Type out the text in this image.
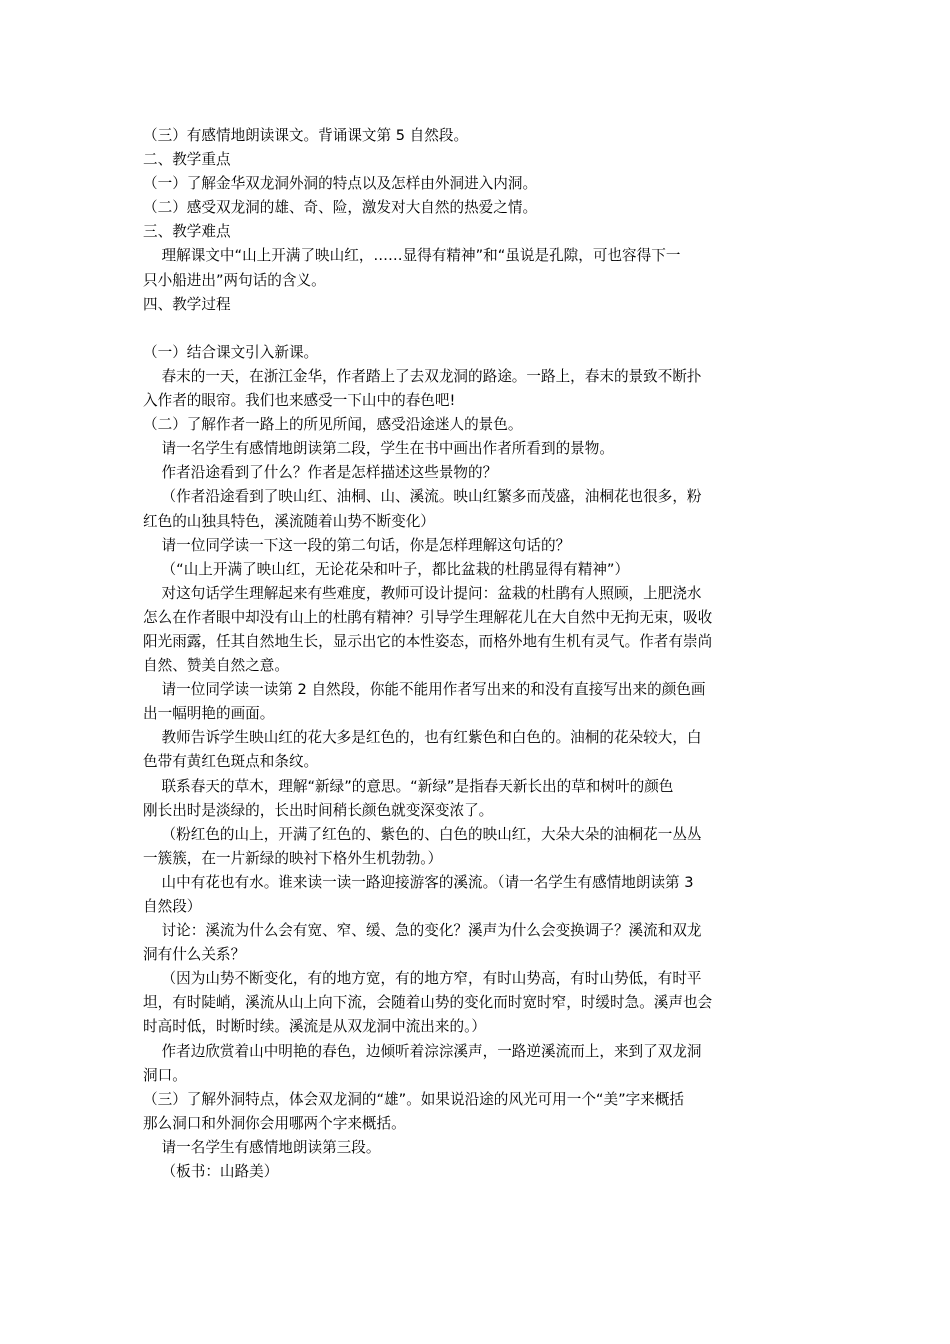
（三）有感情地朗读课文。背诵课文第 5 自然段。
二、教学重点
（一）了解金华双龙洞外洞的特点以及怎样由外洞进入内洞。
（二）感受双龙洞的雄、奇、险，激发对大自然的热爱之情。
三、教学难点
理解课文中“山上开满了映山红，……显得有精神”和“虽说是孔隙，可也容得下一
只小船进出”两句话的含义。
四、教学过程
（一）结合课文引入新课。
春末的一天，在浙江金华，作者踏上了去双龙洞的路途。一路上，春末的景致不断扑
入作者的眼帘。我们也来感受一下山中的春色吧!
（二）了解作者一路上的所见所闻，感受沿途迷人的景色。
请一名学生有感情地朗读第二段，学生在书中画出作者所看到的景物。
作者沿途看到了什么？作者是怎样描述这些景物的？
（作者沿途看到了映山红、油桐、山、溪流。映山红繁多而茂盛，油桐花也很多，粉
红色的山独具特色，溪流随着山势不断变化）
请一位同学读一下这一段的第二句话，你是怎样理解这句话的？
（“山上开满了映山红，无论花朵和叶子，都比盆栽的杜鹃显得有精神”）
对这句话学生理解起来有些难度，教师可设计提问：盆栽的杜鹃有人照顾，上肥浇水
怎么在作者眼中却没有山上的杜鹃有精神？引导学生理解花儿在大自然中无拘无束，吸收
阳光雨露，任其自然地生长，显示出它的本性姿态，而格外地有生机有灵气。作者有崇尚
自然、赞美自然之意。
请一位同学读一读第 2 自然段，你能不能用作者写出来的和没有直接写出来的颜色画
出一幅明艳的画面。
教师告诉学生映山红的花大多是红色的，也有红紫色和白色的。油桐的花朵较大，白
色带有黄红色斑点和条纹。
联系春天的草木，理解“新绿”的意思。“新绿”是指春天新长出的草和树叶的颜色
刚长出时是淡绿的，长出时间稍长颜色就变深变浓了。
（粉红色的山上，开满了红色的、紫色的、白色的映山红，大朵大朵的油桐花一丛丛
一簇簇，在一片新绿的映衬下格外生机勃勃。）
山中有花也有水。谁来读一读一路迎接游客的溪流。（请一名学生有感情地朗读第 3
自然段）
讨论：溪流为什么会有宽、窄、缓、急的变化？溪声为什么会变换调子？溪流和双龙
洞有什么关系？
（因为山势不断变化，有的地方宽，有的地方窄，有时山势高，有时山势低，有时平
坦，有时陡峭，溪流从山上向下流，会随着山势的变化而时宽时窄，时缓时急。溪声也会
时高时低，时断时续。溪流是从双龙洞中流出来的。）
作者边欣赏着山中明艳的春色，边倾听着淙淙溪声，一路逆溪流而上，来到了双龙洞
洞口。
（三）了解外洞特点，体会双龙洞的“雄”。如果说沿途的风光可用一个“美”字来概括
那么洞口和外洞你会用哪两个字来概括。
请一名学生有感情地朗读第三段。
（板书：山路美）
